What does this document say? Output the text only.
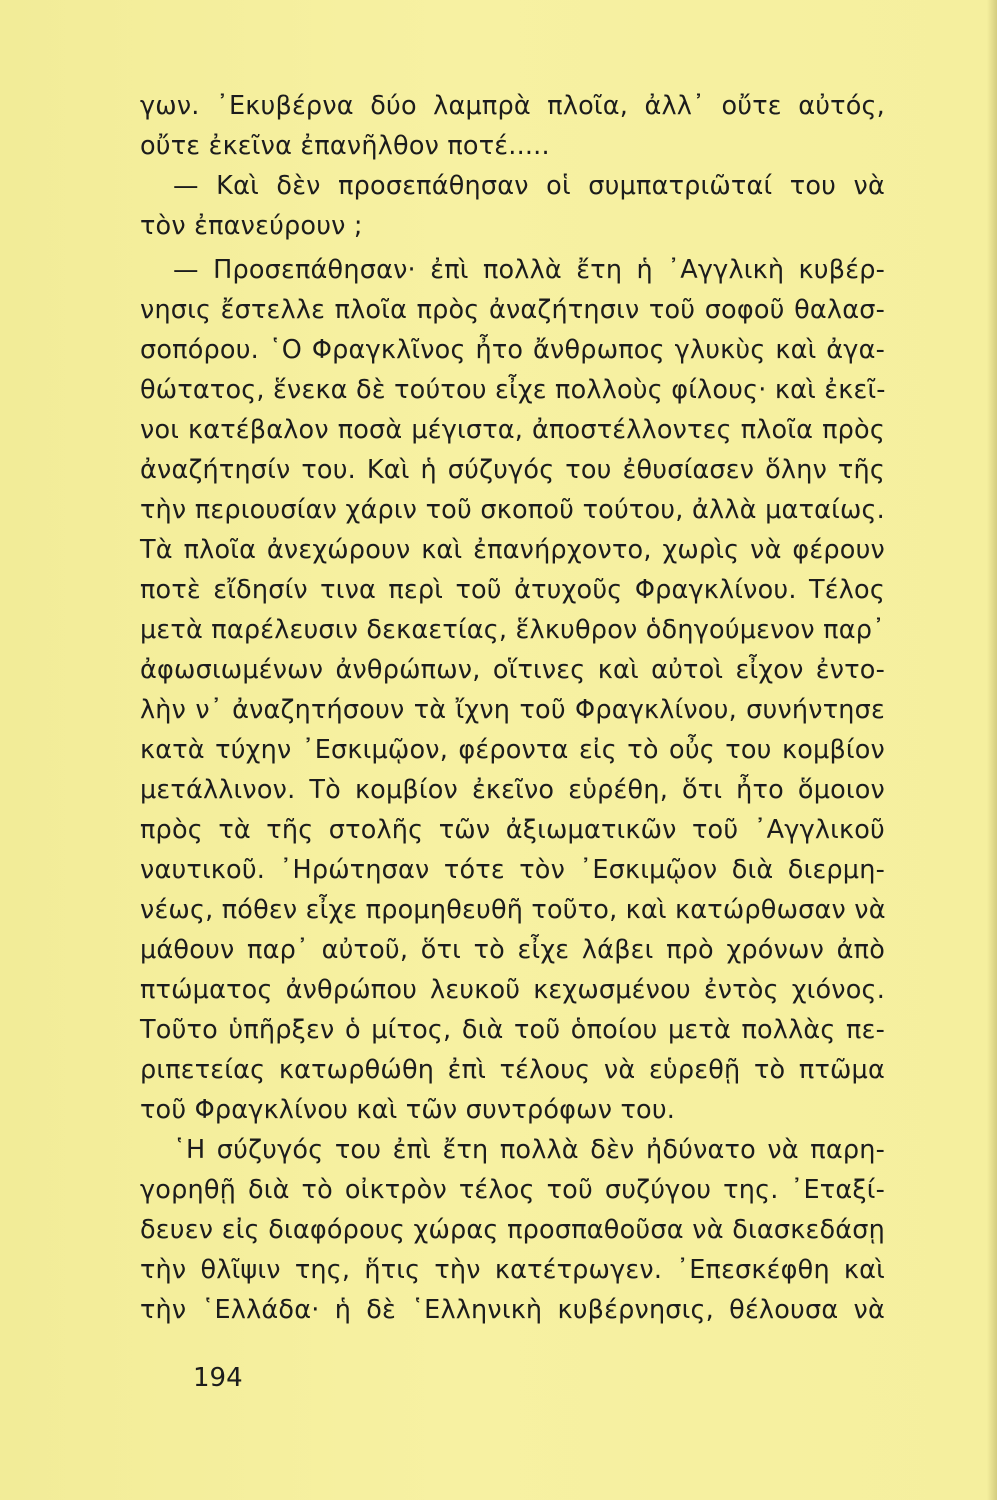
γων. ᾿Εκυβέρνα δύο λαμπρὰ πλοῖα, ἀλλ᾿ οὔτε αὐτός,

οὔτε ἐκεῖνα ἐπανῆλθον ποτέ.....

— Καὶ δὲν προσεπάθησαν οἱ συμπατριῶταί του νὰ

τὸν ἐπανεύρουν ;

— Προσεπάθησαν· ἐπὶ πολλὰ ἔτη ἡ ᾿Αγγλικὴ κυβέρ-

νησις ἔστελλε πλοῖα πρὸς ἀναζήτησιν τοῦ σοφοῦ θαλασ-

σοπόρου. ῾Ο Φραγκλῖνος ἦτο ἄνθρωπος γλυκὺς καὶ ἀγα-

θώτατος, ἕνεκα δὲ τούτου εἶχε πολλοὺς φίλους· καὶ ἐκεῖ-

νοι κατέβαλον ποσὰ μέγιστα, ἀποστέλλοντες πλοῖα πρὸς

ἀναζήτησίν του. Καὶ ἡ σύζυγός του ἐθυσίασεν ὅλην τῆς

τὴν περιουσίαν χάριν τοῦ σκοποῦ τούτου, ἀλλὰ ματαίως.

Τὰ πλοῖα ἀνεχώρουν καὶ ἐπανήρχοντο, χωρὶς νὰ φέρουν

ποτὲ εἴδησίν τινα περὶ τοῦ ἀτυχοῦς Φραγκλίνου. Τέλος

μετὰ παρέλευσιν δεκαετίας, ἕλκυθρον ὁδηγούμενον παρ᾿

ἀφωσιωμένων ἀνθρώπων, οἵτινες καὶ αὐτοὶ εἶχον ἐντο-

λὴν ν᾿ ἀναζητήσουν τὰ ἴχνη τοῦ Φραγκλίνου, συνήντησε

κατὰ τύχην ᾿Εσκιμῷον, φέροντα εἰς τὸ οὖς του κομβίον

μετάλλινον. Τὸ κομβίον ἐκεῖνο εὑρέθη, ὅτι ἦτο ὅμοιον

πρὸς τὰ τῆς στολῆς τῶν ἀξιωματικῶν τοῦ ᾿Αγγλικοῦ

ναυτικοῦ. ᾿Ηρώτησαν τότε τὸν ᾿Εσκιμῷον διὰ διερμη-

νέως, πόθεν εἶχε προμηθευθῆ τοῦτο, καὶ κατώρθωσαν νὰ

μάθουν παρ᾿ αὐτοῦ, ὅτι τὸ εἶχε λάβει πρὸ χρόνων ἀπὸ

πτώματος ἀνθρώπου λευκοῦ κεχωσμένου ἐντὸς χιόνος.

Τοῦτο ὑπῆρξεν ὁ μίτος, διὰ τοῦ ὁποίου μετὰ πολλὰς πε-

ριπετείας κατωρθώθη ἐπὶ τέλους νὰ εὑρεθῇ τὸ πτῶμα

τοῦ Φραγκλίνου καὶ τῶν συντρόφων του.

῾Η σύζυγός του ἐπὶ ἔτη πολλὰ δὲν ἠδύνατο νὰ παρη-

γορηθῇ διὰ τὸ οἰκτρὸν τέλος τοῦ συζύγου της. ᾿Εταξί-

δευεν εἰς διαφόρους χώρας προσπαθοῦσα νὰ διασκεδάσῃ

τὴν θλῖψιν της, ἥτις τὴν κατέτρωγεν. ᾿Επεσκέφθη καὶ

τὴν ῾Ελλάδα· ἡ δὲ ῾Ελληνικὴ κυβέρνησις, θέλουσα νὰ

194
